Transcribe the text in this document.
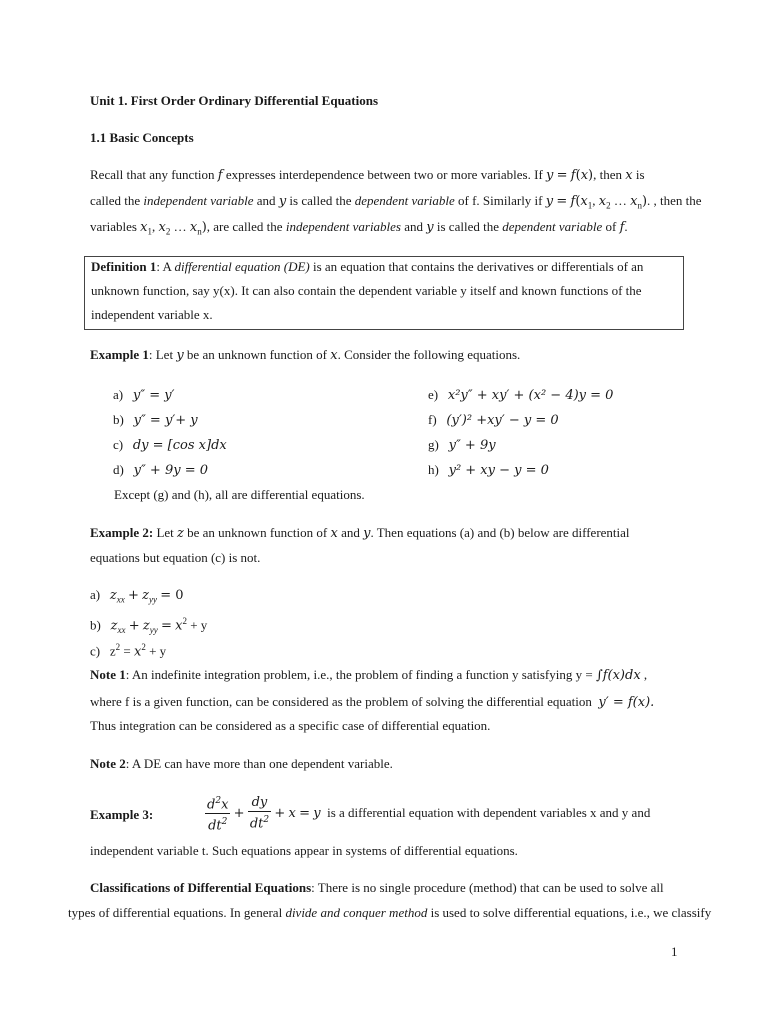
Unit 1. First Order Ordinary Differential Equations
1.1 Basic Concepts
Recall that any function f expresses interdependence between two or more variables. If y = f(x), then x is
called the independent variable and y is called the dependent variable of f. Similarly if $y = f(x_1$, $x_2$ … $x_n$). , then the
variables $x_1$, $x_2$ … $x_n$), are called the independent variables and y is called the dependent variable of f.
Definition 1: A differential equation (DE) is an equation that contains the derivatives or differentials of an
unknown function, say y(x). It can also contain the dependent variable y itself and known functions of the
independent variable x.
Example 1: Let y be an unknown function of x. Consider the following equations.
a) y″ = y′
b) y″ = y′+ y
c) dy = [cos x]dx
d) y″ + 9y = 0
e) x²y″ + xy′ + (x² − 4)y = 0
f) (y′)² +xy′ − y = 0
g) y″ + 9y
h) y² + xy − y = 0
Except (g) and (h), all are differential equations.
Example 2: Let z be an unknown function of x and y. Then equations (a) and (b) below are differential
equations but equation (c) is not.
a) $z_{xx} + z_{yy} = 0$
b) $z_{xx} + z_{yy} = x^2 + y$
c)   $z^2 = x^2 + y$
Note 1: An indefinite integration problem, i.e., the problem of finding a function y satisfying y = ∫f(x)dx ,
where f is a given function, can be considered as the problem of solving the differential equation y′ = f(x).
Thus integration can be considered as a specific case of differential equation.
Note 2: A DE can have more than one dependent variable.
Example 3:	$\frac{d^2x}{dt^2} + \frac{dy}{dt^2} + x = y$ is a differential equation with dependent variables x and y and
independent variable t. Such equations appear in systems of differential equations.
Classifications of Differential Equations: There is no single procedure (method) that can be used to solve all
types of differential equations. In general divide and conquer method is used to solve differential equations, i.e., we classify
1
